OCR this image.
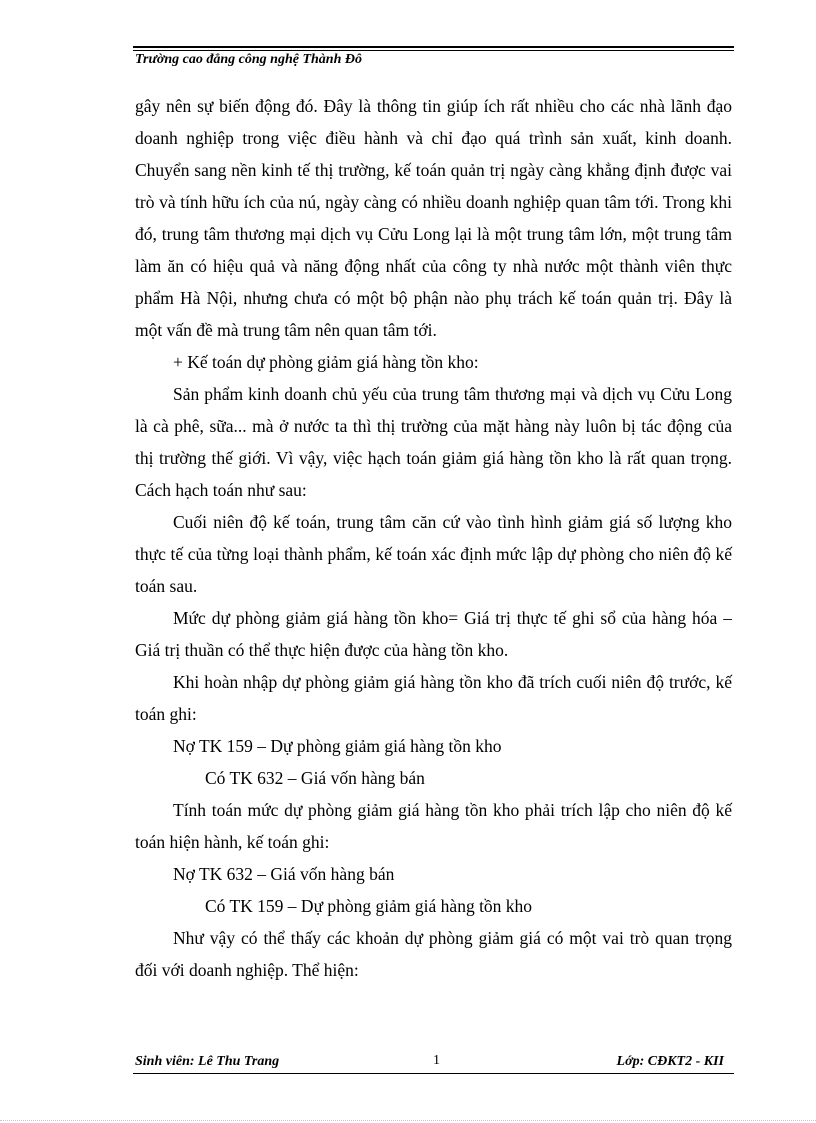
Trường cao đẳng công nghệ Thành Đô

gây nên sự biến động đó. Đây là thông tin giúp ích rất nhiều cho các nhà lãnh đạo doanh nghiệp trong việc điều hành và chỉ đạo quá trình sản xuất, kinh doanh. Chuyển sang nền kinh tế thị trường, kế toán quản trị ngày càng khẳng định được vai trò và tính hữu ích của nú, ngày càng có nhiều doanh nghiệp quan tâm tới. Trong khi đó, trung tâm thương mại dịch vụ Cửu Long lại là một trung tâm lớn, một trung tâm làm ăn có hiệu quả và năng động nhất của công ty nhà nước một thành viên thực phẩm Hà Nội, nhưng chưa có một bộ phận nào phụ trách kế toán quản trị. Đây là một vấn đề mà trung tâm nên quan tâm tới.

+ Kế toán dự phòng giảm giá hàng tồn kho:

Sản phẩm kinh doanh chủ yếu của trung tâm thương mại và dịch vụ Cửu Long là cà phê, sữa... mà ở nước ta thì thị trường của mặt hàng này luôn bị tác động của thị trường thế giới. Vì vậy, việc hạch toán giảm giá hàng tồn kho là rất quan trọng. Cách hạch toán như sau:

Cuối niên độ kế toán, trung tâm căn cứ vào tình hình giảm giá số lượng kho thực tế của từng loại thành phẩm, kế toán xác định mức lập dự phòng cho niên độ kế toán sau.

Mức dự phòng giảm giá hàng tồn kho= Giá trị thực tế ghi sổ của hàng hóa – Giá trị thuần có thể thực hiện được của hàng tồn kho.

Khi hoàn nhập dự phòng giảm giá hàng tồn kho đã trích cuối niên độ trước, kế toán ghi:

Nợ TK 159 – Dự phòng giảm giá hàng tồn kho

Có TK 632 – Giá vốn hàng bán

Tính toán mức dự phòng giảm giá hàng tồn kho phải trích lập cho niên độ kế toán hiện hành, kế toán ghi:

Nợ TK 632 – Giá vốn hàng bán

Có TK 159 – Dự phòng giảm giá hàng tồn kho

Như vậy có thể thấy các khoản dự phòng giảm giá có một vai trò quan trọng đối với doanh nghiệp. Thể hiện:

Sinh viên: Lê Thu Trang	1	Lớp: CĐKT2 - KII
